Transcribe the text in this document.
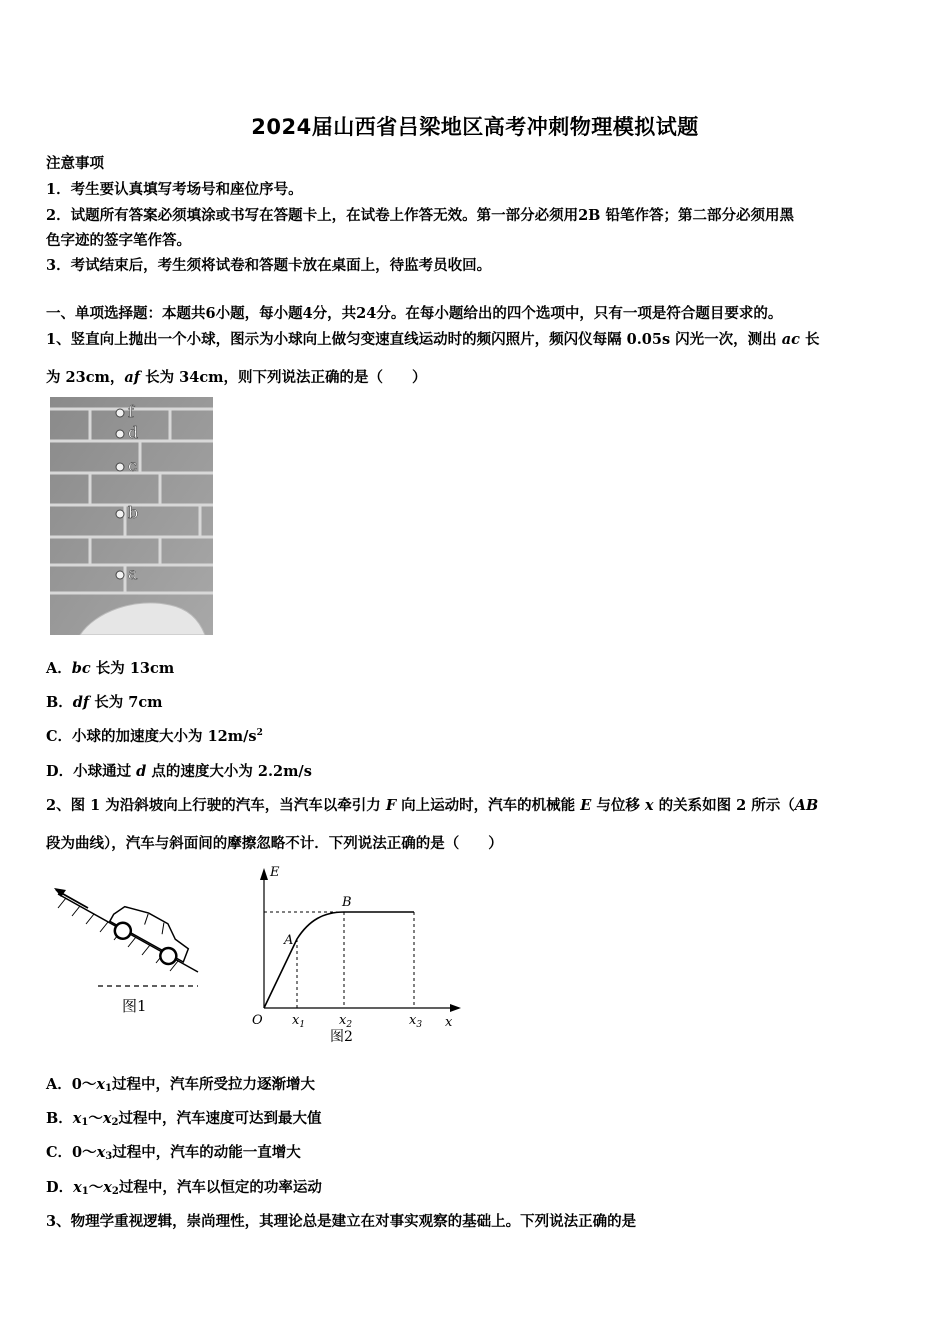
2024届山西省吕梁地区高考冲刺物理模拟试题
注意事项
1．考生要认真填写考场号和座位序号。
2．试题所有答案必须填涂或书写在答题卡上，在试卷上作答无效。第一部分必须用2B 铅笔作答；第二部分必须用黑
色字迹的签字笔作答。
3．考试结束后，考生须将试卷和答题卡放在桌面上，待监考员收回。
一、单项选择题：本题共6小题，每小题4分，共24分。在每小题给出的四个选项中，只有一项是符合题目要求的。
1、竖直向上抛出一个小球，图示为小球向上做匀变速直线运动时的频闪照片，频闪仪每隔 0.05s 闪光一次，测出 ac 长
为 23cm，af 长为 34cm，则下列说法正确的是（　　）
f
d
c
b
a
A．bc 长为 13cm
B．df 长为 7cm
C．小球的加速度大小为 $12m/s^2$
D．小球通过 d 点的速度大小为 2.2m/s
2、图 1 为沿斜坡向上行驶的汽车，当汽车以牵引力 F 向上运动时，汽车的机械能 E 与位移 x 的关系如图 2 所示（AB
段为曲线），汽车与斜面间的摩擦忽略不计．下列说法正确的是（　　）
图1
E
x
O
A
B
$x_1$	$x_2$	$x_3$
图2
A．$0\sim x_1$过程中，汽车所受拉力逐渐增大
B．$x_1\sim x_2$过程中，汽车速度可达到最大值
C．$0\sim x_3$过程中，汽车的动能一直增大
D．$x_1\sim x_2$过程中，汽车以恒定的功率运动
3、物理学重视逻辑，崇尚理性，其理论总是建立在对事实观察的基础上。下列说法正确的是
